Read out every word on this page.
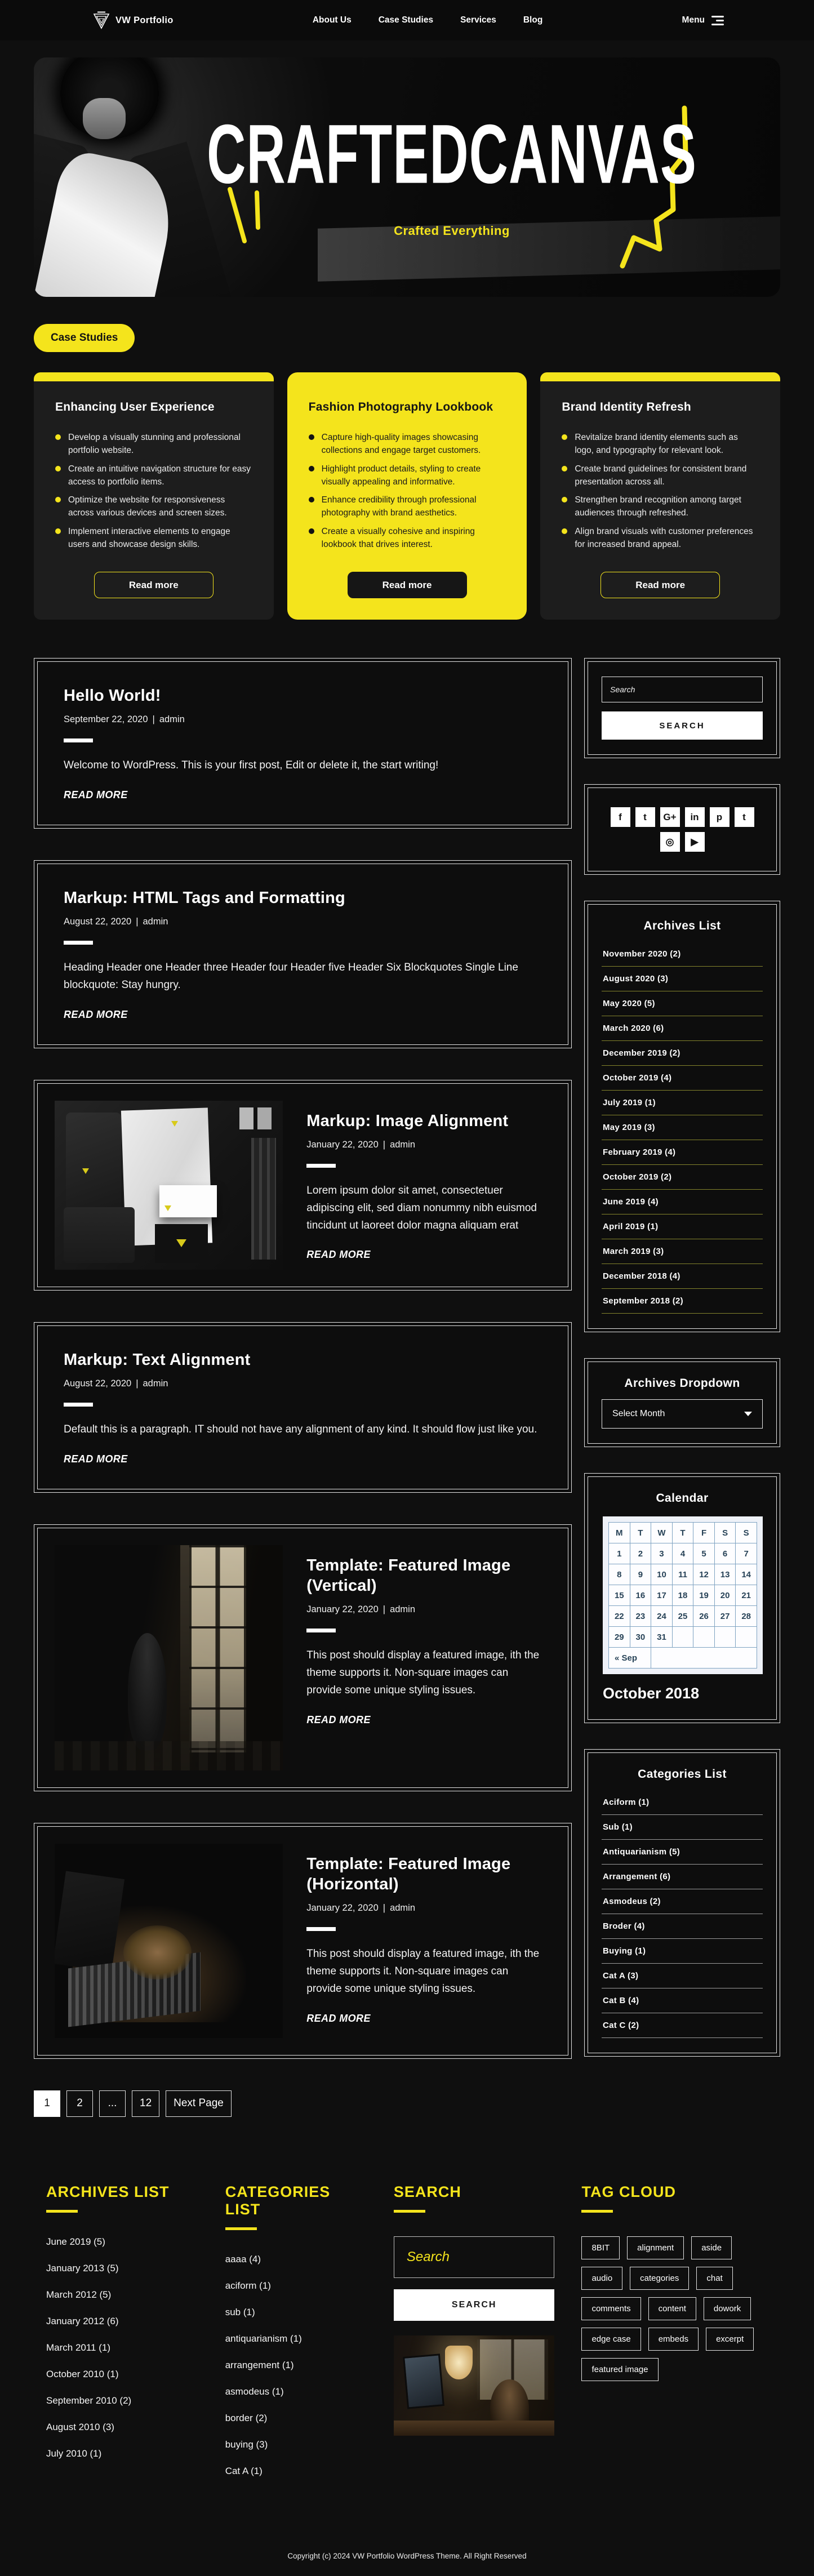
VW Portfolio	About Us	Case Studies	Services	Blog	Menu
CRAFTEDCANVAS
Crafted Everything
Case Studies
Enhancing User Experience
Develop a visually stunning and professional portfolio website.
Create an intuitive navigation structure for easy access to portfolio items.
Optimize the website for responsiveness across various devices and screen sizes.
Implement interactive elements to engage users and showcase design skills.
Read more
Fashion Photography Lookbook
Capture high-quality images showcasing collections and engage target customers.
Highlight product details, styling to create visually appealing and informative.
Enhance credibility through professional photography with brand aesthetics.
Create a visually cohesive and inspiring lookbook that drives interest.
Read more
Brand Identity Refresh
Revitalize brand identity elements such as logo, and typography for relevant look.
Create brand guidelines for consistent brand presentation across all.
Strengthen brand recognition among target audiences through refreshed.
Align brand visuals with customer preferences for increased brand appeal.
Read more
Hello World!
September 22, 2020 | admin

Welcome to WordPress. This is your first post, Edit or delete it, the start writing!

READ MORE
Markup: HTML Tags and Formatting
August 22, 2020 | admin

Heading Header one Header three Header four Header five Header Six Blockquotes Single Line blockquote: Stay hungry.

READ MORE
Markup: Image Alignment
January 22, 2020 | admin

Lorem ipsum dolor sit amet, consectetuer adipiscing elit, sed diam nonummy nibh euismod tincidunt ut laoreet dolor magna aliquam erat

READ MORE
Markup: Text Alignment
August 22, 2020 | admin

Default this is a paragraph. IT should not have any alignment of any kind. It should flow just like you.

READ MORE
Template: Featured Image (Vertical)
January 22, 2020 | admin

This post should display a featured image, ith the theme supports it. Non-square images can provide some unique styling issues.

READ MORE
Template: Featured Image (Horizontal)
January 22, 2020 | admin

This post should display a featured image, ith the theme supports it. Non-square images can provide some unique styling issues.

READ MORE
1	2	...	12	Next Page
Search SEARCH
f	t	G+	in	p	t
◎	▶
Archives List
November 2020 (2)
August 2020 (3)
May 2020 (5)
March 2020 (6)
December 2019 (2)
October 2019 (4)
July 2019 (1)
May 2019 (3)
February 2019 (4)
October 2019 (2)
June 2019 (4)
April 2019 (1)
March 2019 (3)
December 2018 (4)
September 2018 (2)
Archives Dropdown
Select Month
Calendar
M	T	W	T	F	S	S
1	2	3	4	5	6	7
8	9	10	11	12	13	14
15	16	17	18	19	20	21
22	23	24	25	26	27	28
29	30	31				
« Sep						
October 2018
Categories List
Aciform (1)
Sub (1)
Antiquarianism (5)
Arrangement (6)
Asmodeus (2)
Broder (4)
Buying (1)
Cat A (3)
Cat B (4)
Cat C (2)
ARCHIVES LIST
June 2019 (5)
January 2013 (5)
March 2012 (5)
January 2012 (6)
March 2011 (1)
October 2010 (1)
September 2010 (2)
August 2010 (3)
July 2010 (1)
CATEGORIES LIST
aaaa (4)
aciform (1)
sub (1)
antiquarianism (1)
arrangement (1)
asmodeus (1)
border (2)
buying (3)
Cat A (1)
SEARCH
Search SEARCH
TAG CLOUD
8BIT	alignment	aside
audio	categories	chat
comments	content	dowork
edge case	embeds	excerpt
featured image
Copyright (c) 2024 VW Portfolio WordPress Theme. All Right Reserved
